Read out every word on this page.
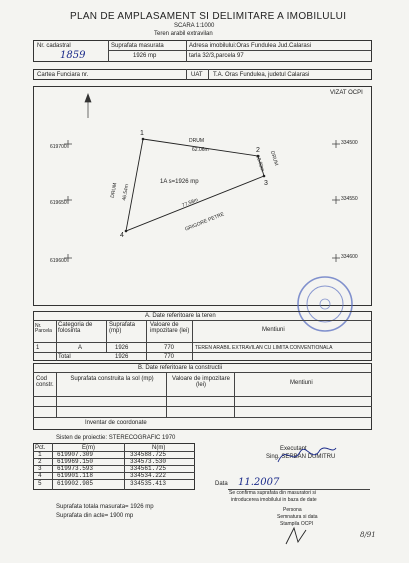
PLAN DE AMPLASAMENT SI DELIMITARE A IMOBILULUI
SCARA 1:1000
Teren arabil extravilan
Nr. cadastral
1859
Suprafata masurata
1926 mp
Adresa imobilului:Oras Fundulea Jud.Calarasi
tarla 32/3,parcela 97
Cartea Funciara nr.	UAT T.A. Oras Fundulea, judetul Calarasi
VIZAT OCPI
1
2
3
4
DRUM
62.06m
DRUM
10.03m
1A s=1926 mp
77.58m
GRIGORE PETRE
DRUM 46.54m
619700
619650
619600
334500
334550
334600
A. Date referitoare la teren
Nr. Parcela
Categoria de folosinta
Suprafata (mp)
Valoare de impozitare (lei)	Mentiuni
1	A	1926	770	TEREN ARABIL EXTRAVILAN CU LIMITA CONVENTIONALA
Total	1926	770
B. Date referitoare la constructii
Cod constr.
Suprafata construita la sol (mp)	Valoare de impozitare (lei)	Mentiuni
Inventar de coordonate
Sisten de proiectie: STERECOGRAFIC 1970
Pct.	E(m)	N(m)
1	619907.309	334588.725
2	619969.150	334573.530
3	619973.593	334561.725
4	619901.118	334534.222
5	619902.985	334535.413
Executant
Sing. SERBAN DUMITRU
Data 11.2007
Suprafata totala masurata= 1926 mp
Suprafata din acte= 1900 mp
Se confirma suprafata din masuratori si
introducerea imobilului in baza de date
Persona
Semnatura si data
Stampila OCPI
8/91
